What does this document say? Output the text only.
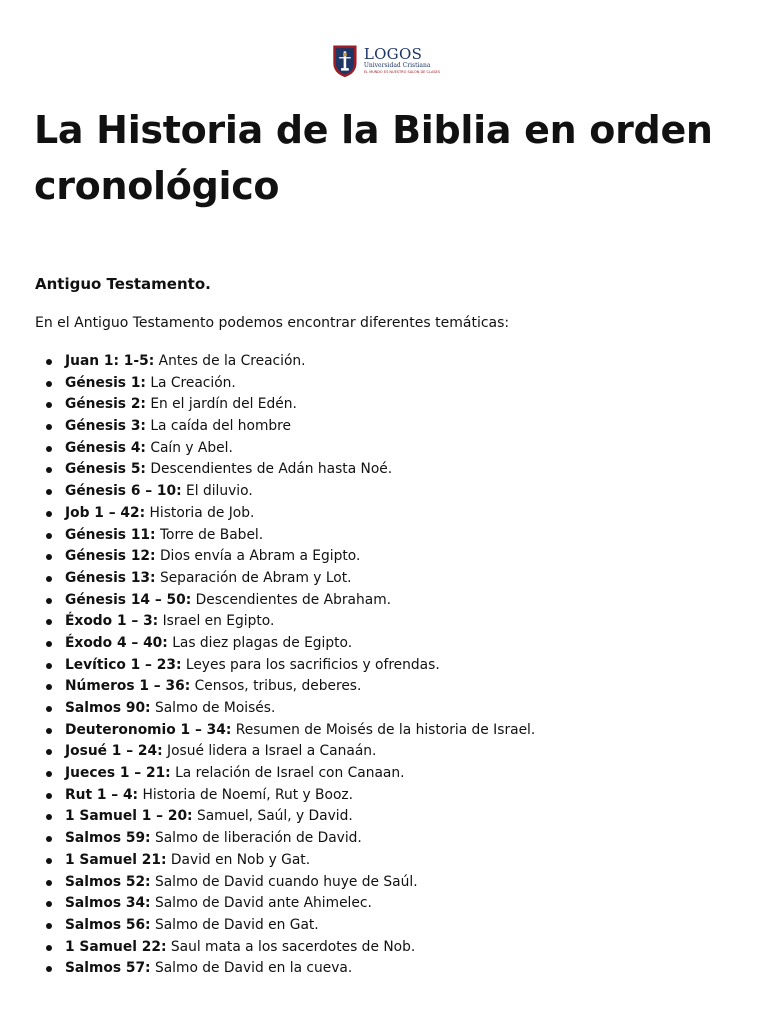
LOGOS
Universidad Cristiana
EL MUNDO ES NUESTRO SALÓN DE CLASES
La Historia de la Biblia en orden cronológico

Antiguo Testamento.

En el Antiguo Testamento podemos encontrar diferentes temáticas:

Juan 1: 1-5: Antes de la Creación.
Génesis 1: La Creación.
Génesis 2: En el jardín del Edén.
Génesis 3: La caída del hombre
Génesis 4: Caín y Abel.
Génesis 5: Descendientes de Adán hasta Noé.
Génesis 6 – 10: El diluvio.
Job 1 – 42: Historia de Job.
Génesis 11: Torre de Babel.
Génesis 12: Dios envía a Abram a Egipto.
Génesis 13: Separación de Abram y Lot.
Génesis 14 – 50: Descendientes de Abraham.
Éxodo 1 – 3: Israel en Egipto.
Éxodo 4 – 40: Las diez plagas de Egipto.
Levítico 1 – 23: Leyes para los sacrificios y ofrendas.
Números 1 – 36: Censos, tribus, deberes.
Salmos 90: Salmo de Moisés.
Deuteronomio 1 – 34: Resumen de Moisés de la historia de Israel.
Josué 1 – 24: Josué lidera a Israel a Canaán.
Jueces 1 – 21: La relación de Israel con Canaan.
Rut 1 – 4: Historia de Noemí, Rut y Booz.
1 Samuel 1 – 20: Samuel, Saúl, y David.
Salmos 59: Salmo de liberación de David.
1 Samuel 21: David en Nob y Gat.
Salmos 52: Salmo de David cuando huye de Saúl.
Salmos 34: Salmo de David ante Ahimelec.
Salmos 56: Salmo de David en Gat.
1 Samuel 22: Saul mata a los sacerdotes de Nob.
Salmos 57: Salmo de David en la cueva.
